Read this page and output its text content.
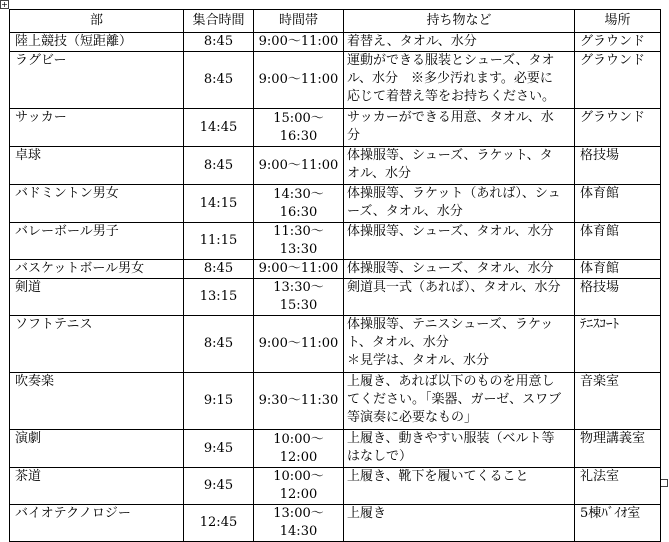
+
部	集合時間	時間帯	持ち物など	場所
陸上競技（短距離）	8:45	9:00～11:00	着替え、タオル、水分	グラウンド
ラグビー	8:45	9:00～11:00	運動ができる服装とシューズ、タオ
ル、水分　※多少汚れます。必要に
応じて着替え等をお持ちください。	グラウンド
サッカー	14:45	15:00～16:30	サッカーができる用意、タオル、水
分	グラウンド
卓球	8:45	9:00～11:00	体操服等、シューズ、ラケット、タ
オル、水分	格技場
バドミントン男女	14:15	14:30～16:30	体操服等、ラケット（あれば）、シュ
ーズ、タオル、水分	体育館
バレーボール男子	11:15	11:30～13:30	体操服等、シューズ、タオル、水分	体育館
バスケットボール男女	8:45	9:00～11:00	体操服等、シューズ、タオル、水分	体育館
剣道	13:15	13:30～15:30	剣道具一式（あれば）、タオル、水分	格技場
ソフトテニス	8:45	9:00～11:00	体操服等、テニスシューズ、ラケッ
ト、タオル、水分
＊見学は、タオル、水分	ﾃﾆｽｺｰﾄ
吹奏楽	9:15	9:30～11:30	上履き、あれば以下のものを用意し
てください。「楽器、ガーゼ、スワブ
等演奏に必要なもの」	音楽室
演劇	9:45	10:00～12:00	上履き、動きやすい服装（ベルト等
はなしで）	物理講義室
茶道	9:45	10:00～12:00	上履き、靴下を履いてくること	礼法室
バイオテクノロジー	12:45	13:00～14:30	上履き	5棟ﾊﾞｲｵ室
